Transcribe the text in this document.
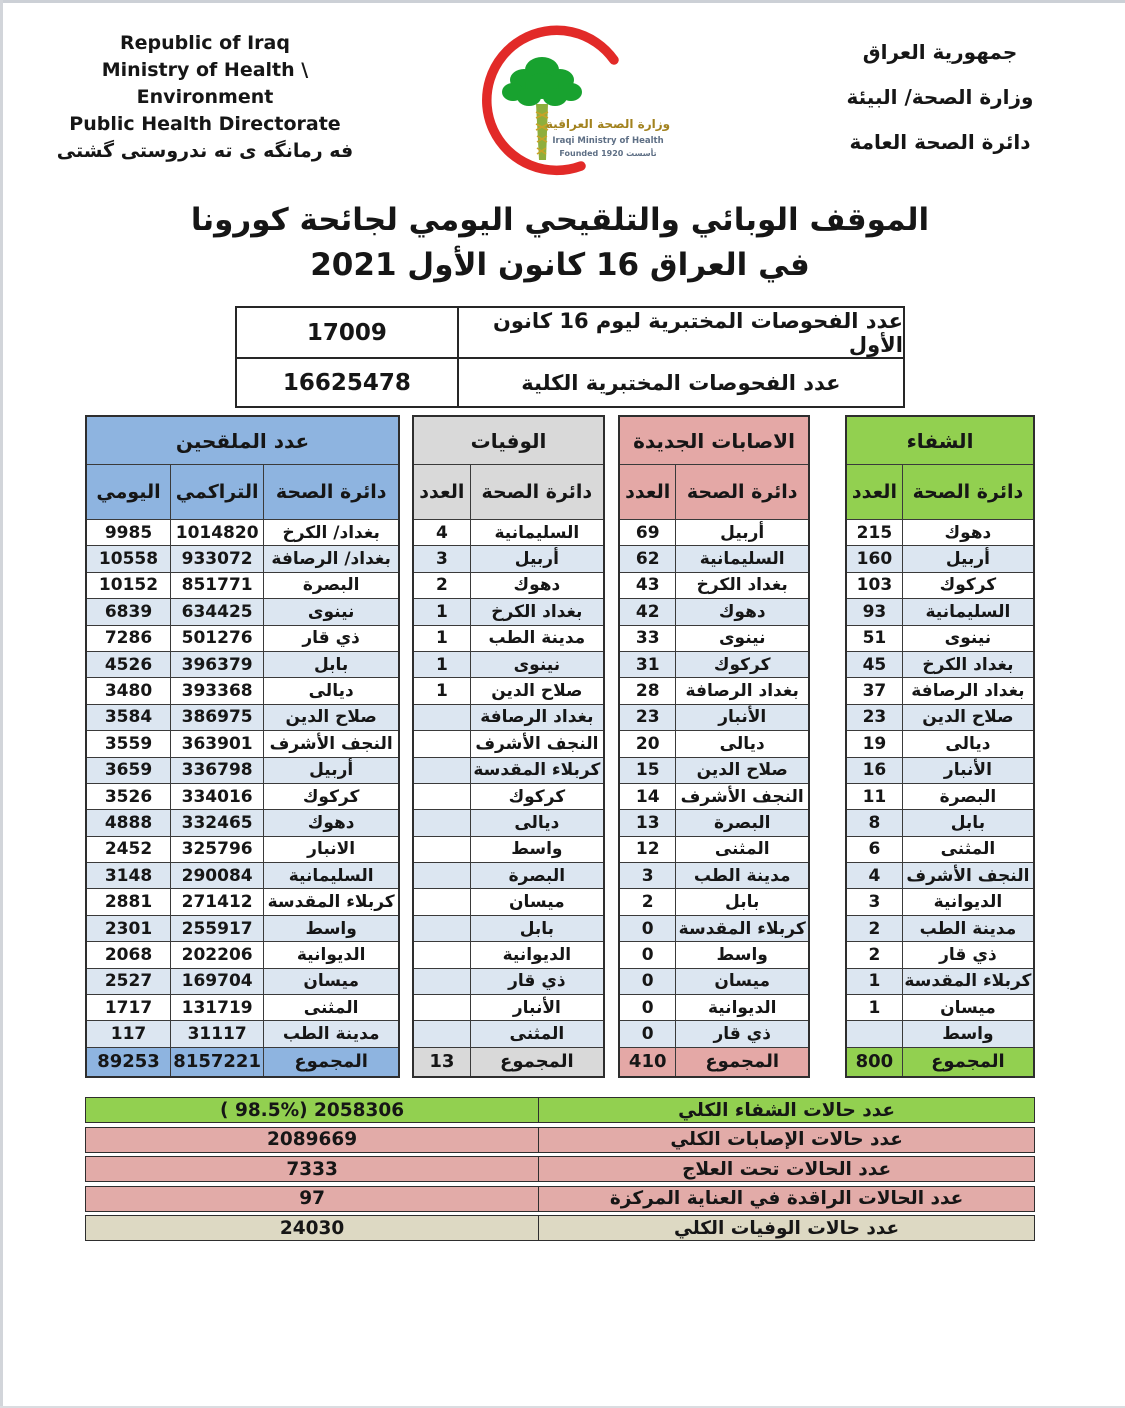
Republic of Iraq
Ministry of Health \ Environment
Public Health Directorate
فه رمانگه ی ته ندروستی گشتی
وزارة الصحة العراقية
Iraqi Ministry of Health
Founded 1920 تأسست
جمهورية العراق
وزارة الصحة/ البيئة
دائرة الصحة العامة
الموقف الوبائي والتلقيحي اليومي لجائحة كورونا
في العراق 16 كانون الأول 2021
عدد الفحوصات المختبرية ليوم 16 كانون الأول
17009
عدد الفحوصات المختبرية الكلية
16625478
الشفاء
دائرة الصحة
العدد
دهوك
215
أربيل
160
كركوك
103
السليمانية
93
نينوى
51
بغداد الكرخ
45
بغداد الرصافة
37
صلاح الدين
23
ديالى
19
الأنبار
16
البصرة
11
بابل
8
المثنى
6
النجف الأشرف
4
الديوانية
3
مدينة الطب
2
ذي قار
2
كربلاء المقدسة
1
ميسان
1
واسط
المجموع
800
الاصابات الجديدة
دائرة الصحة
العدد
أربيل
69
السليمانية
62
بغداد الكرخ
43
دهوك
42
نينوى
33
كركوك
31
بغداد الرصافة
28
الأنبار
23
ديالى
20
صلاح الدين
15
النجف الأشرف
14
البصرة
13
المثنى
12
مدينة الطب
3
بابل
2
كربلاء المقدسة
0
واسط
0
ميسان
0
الديوانية
0
ذي قار
0
المجموع
410
الوفيات
دائرة الصحة
العدد
السليمانية
4
أربيل
3
دهوك
2
بغداد الكرخ
1
مدينة الطب
1
نينوى
1
صلاح الدين
1
بغداد الرصافة
النجف الأشرف
كربلاء المقدسة
كركوك
ديالى
واسط
البصرة
ميسان
بابل
الديوانية
ذي قار
الأنبار
المثنى
المجموع
13
عدد الملقحين
دائرة الصحة
التراكمي
اليومي
بغداد/ الكرخ
1014820
9985
بغداد/ الرصافة
933072
10558
البصرة
851771
10152
نينوى
634425
6839
ذي قار
501276
7286
بابل
396379
4526
ديالى
393368
3480
صلاح الدين
386975
3584
النجف الأشرف
363901
3559
أربيل
336798
3659
كركوك
334016
3526
دهوك
332465
4888
الانبار
325796
2452
السليمانية
290084
3148
كربلاء المقدسة
271412
2881
واسط
255917
2301
الديوانية
202206
2068
ميسان
169704
2527
المثنى
131719
1717
مدينة الطب
31117
117
المجموع
8157221
89253
عدد حالات الشفاء الكلي
( 98.5%) 2058306
عدد حالات الإصابات الكلي
2089669
عدد الحالات تحت العلاج
7333
عدد الحالات الراقدة في العناية المركزة
97
عدد حالات الوفيات الكلي
24030
